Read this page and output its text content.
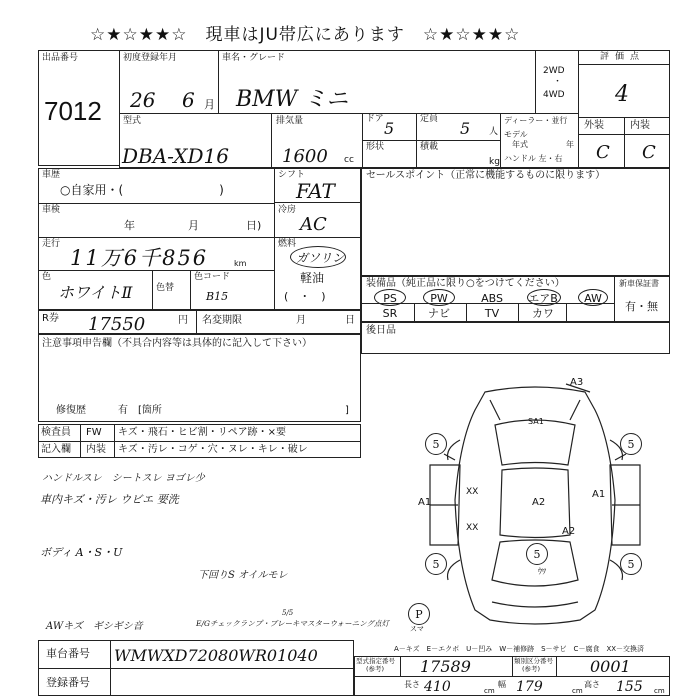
☆★☆★★☆　現車はJU帯広にあります　☆★☆★★☆
出品番号
7012
初度登録年月
26 6 月
車名・グレード
BMW ミニ
2WD
・
4WD
型式
DBA-XD16
排気量
1600 cc
ドア 5	定員 5 人
形状	積載
kg
ディーラー・並行
モデル
年式	年
ハンドル 左・右
評価点
4
外装	内装
C C
車歴
○自家用・(　　　　　　　　)
シフト
FAT
車検
年	月	日)
冷房
AC
走行
11万6千856	km
燃料
ガソリン
軽油
(　・　)
色
ホワイトⅡ	色替
色コード
B15
セールスポイント（正常に機能するものに限ります）
装備品（純正品に限り○をつけてください）	新車保証書
有・無
PS	PW	ABS	エアB	AW
SR	ナビ	TV	カワ
後日品
R券 17550	円 名変期限	月	日
注意事項申告欄（不具合内容等は具体的に記入して下さい）
修復歴	有　[箇所	]
検査員 FW キズ・飛石・ヒビ割・リペア跡・×要
記入欄 内装 キズ・汚レ・コゲ・穴・ヌレ・キレ・破レ
ハンドルスレ　シートスレ ヨゴレ少
車内キズ・汚レ ウビエ 要洗
ボディ A・S・U
下回りS オイルモレ
AWキズ　ギシギシ音	E/Gチェックランプ・ブレーキマスターウォーニング点灯
5/5	P
スマ
A3
SA1
A1
A1
A2
A2
XX
XX
ｳﾜ
5	5
5	5
5
A－キズ　E－エクボ　U－凹み　W－補修跡　S－サビ　C－腐食　XX－交換済
車台番号 WMWXD72080WR01040
登録番号
型式指定番号
(参考) 17589	類別区分番号
(参考)	0001
長さ 410	cm
幅 179	cm
高さ 155 cm
